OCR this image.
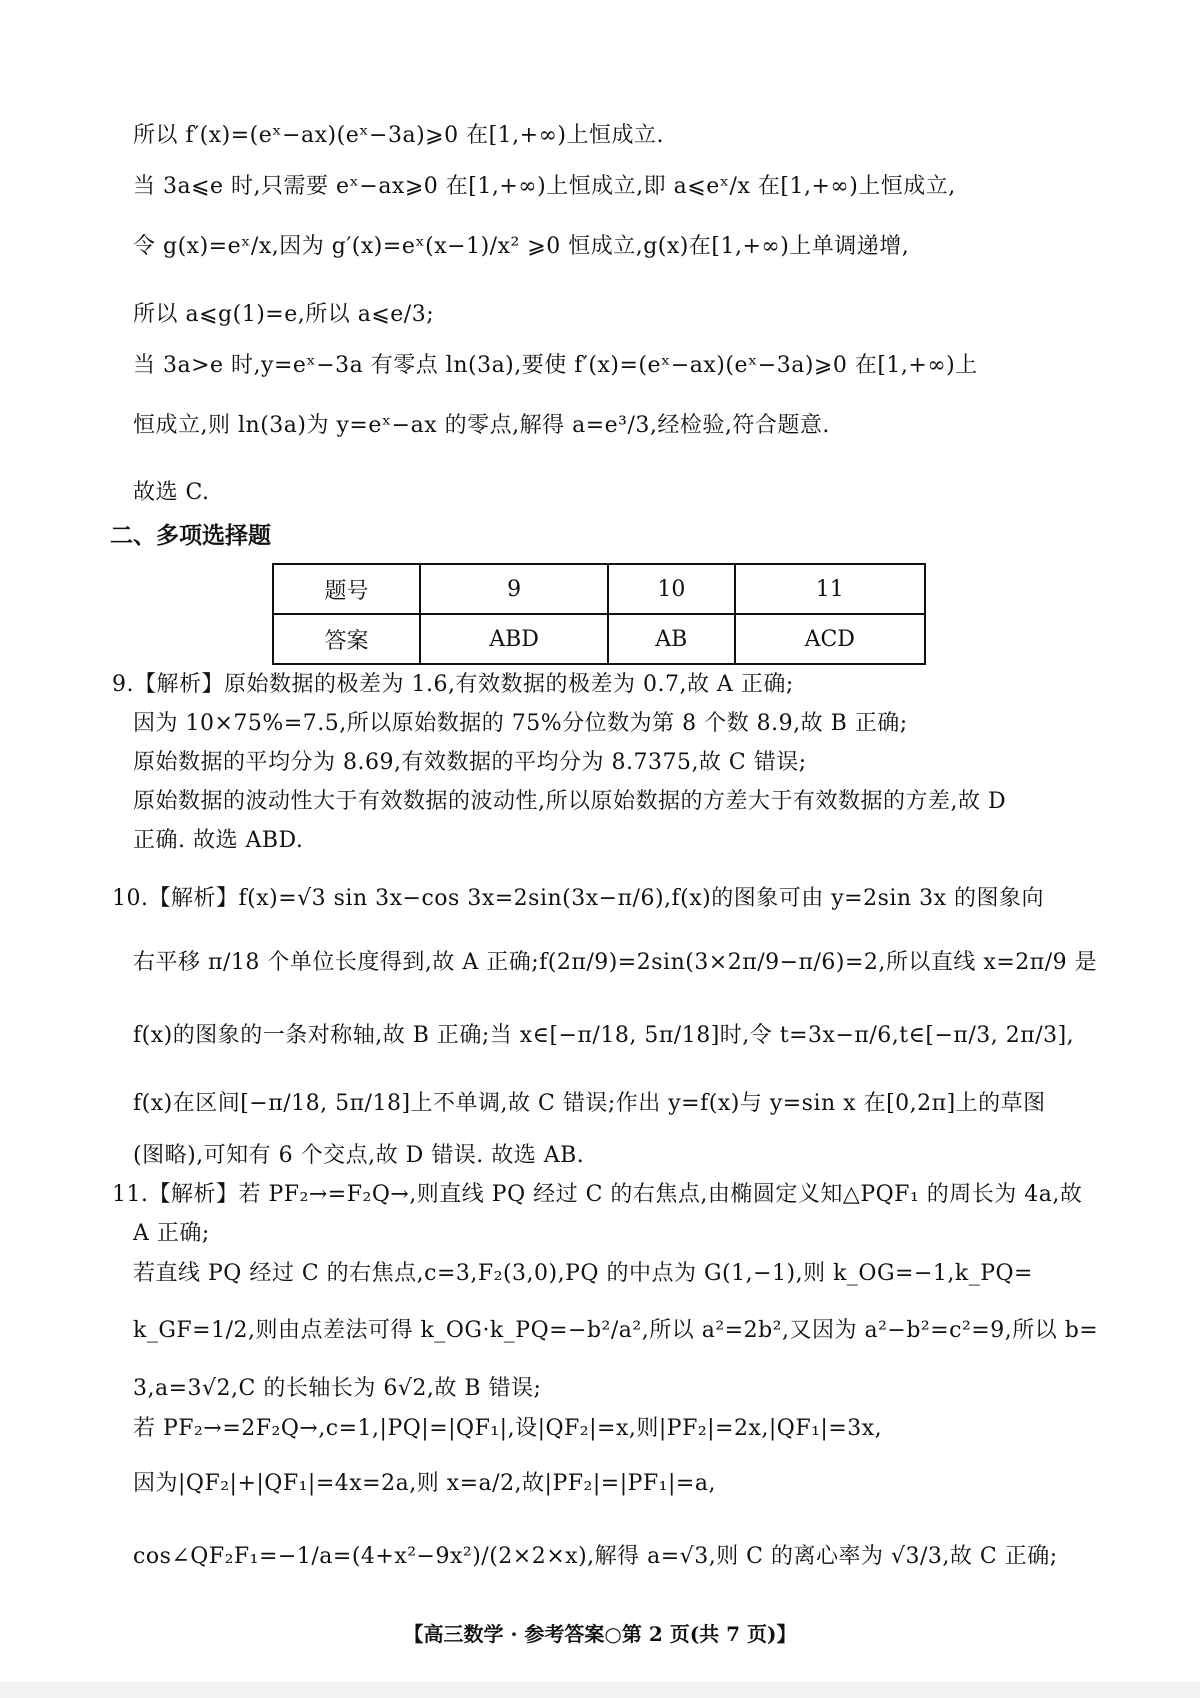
所以 f′(x)=(eˣ−ax)(eˣ−3a)⩾0 在[1,+∞)上恒成立.
当 3a⩽e 时,只需要 eˣ−ax⩾0 在[1,+∞)上恒成立,即 a⩽eˣ/x 在[1,+∞)上恒成立,
令 g(x)=eˣ/x,因为 g′(x)=eˣ(x−1)/x² ⩾0 恒成立,g(x)在[1,+∞)上单调递增,
所以 a⩽g(1)=e,所以 a⩽e/3;
当 3a>e 时,y=eˣ−3a 有零点 ln(3a),要使 f′(x)=(eˣ−ax)(eˣ−3a)⩾0 在[1,+∞)上
恒成立,则 ln(3a)为 y=eˣ−ax 的零点,解得 a=e³/3,经检验,符合题意.
故选 C.
二、多项选择题
题号	9	10	11
答案	ABD	AB	ACD
9.【解析】原始数据的极差为 1.6,有效数据的极差为 0.7,故 A 正确;
因为 10×75%=7.5,所以原始数据的 75%分位数为第 8 个数 8.9,故 B 正确;
原始数据的平均分为 8.69,有效数据的平均分为 8.7375,故 C 错误;
原始数据的波动性大于有效数据的波动性,所以原始数据的方差大于有效数据的方差,故 D
正确. 故选 ABD.
10.【解析】f(x)=√3 sin 3x−cos 3x=2sin(3x−π/6),f(x)的图象可由 y=2sin 3x 的图象向
右平移 π/18 个单位长度得到,故 A 正确;f(2π/9)=2sin(3×2π/9−π/6)=2,所以直线 x=2π/9 是
f(x)的图象的一条对称轴,故 B 正确;当 x∈[−π/18, 5π/18]时,令 t=3x−π/6,t∈[−π/3, 2π/3],
f(x)在区间[−π/18, 5π/18]上不单调,故 C 错误;作出 y=f(x)与 y=sin x 在[0,2π]上的草图
(图略),可知有 6 个交点,故 D 错误. 故选 AB.
11.【解析】若 PF₂→=F₂Q→,则直线 PQ 经过 C 的右焦点,由椭圆定义知△PQF₁ 的周长为 4a,故
A 正确;
若直线 PQ 经过 C 的右焦点,c=3,F₂(3,0),PQ 的中点为 G(1,−1),则 k_OG=−1,k_PQ=
k_GF=1/2,则由点差法可得 k_OG·k_PQ=−b²/a²,所以 a²=2b²,又因为 a²−b²=c²=9,所以 b=
3,a=3√2,C 的长轴长为 6√2,故 B 错误;
若 PF₂→=2F₂Q→,c=1,|PQ|=|QF₁|,设|QF₂|=x,则|PF₂|=2x,|QF₁|=3x,
因为|QF₂|+|QF₁|=4x=2a,则 x=a/2,故|PF₂|=|PF₁|=a,
cos∠QF₂F₁=−1/a=(4+x²−9x²)/(2×2×x),解得 a=√3,则 C 的离心率为 √3/3,故 C 正确;
【高三数学 · 参考答案○第 2 页(共 7 页)】
